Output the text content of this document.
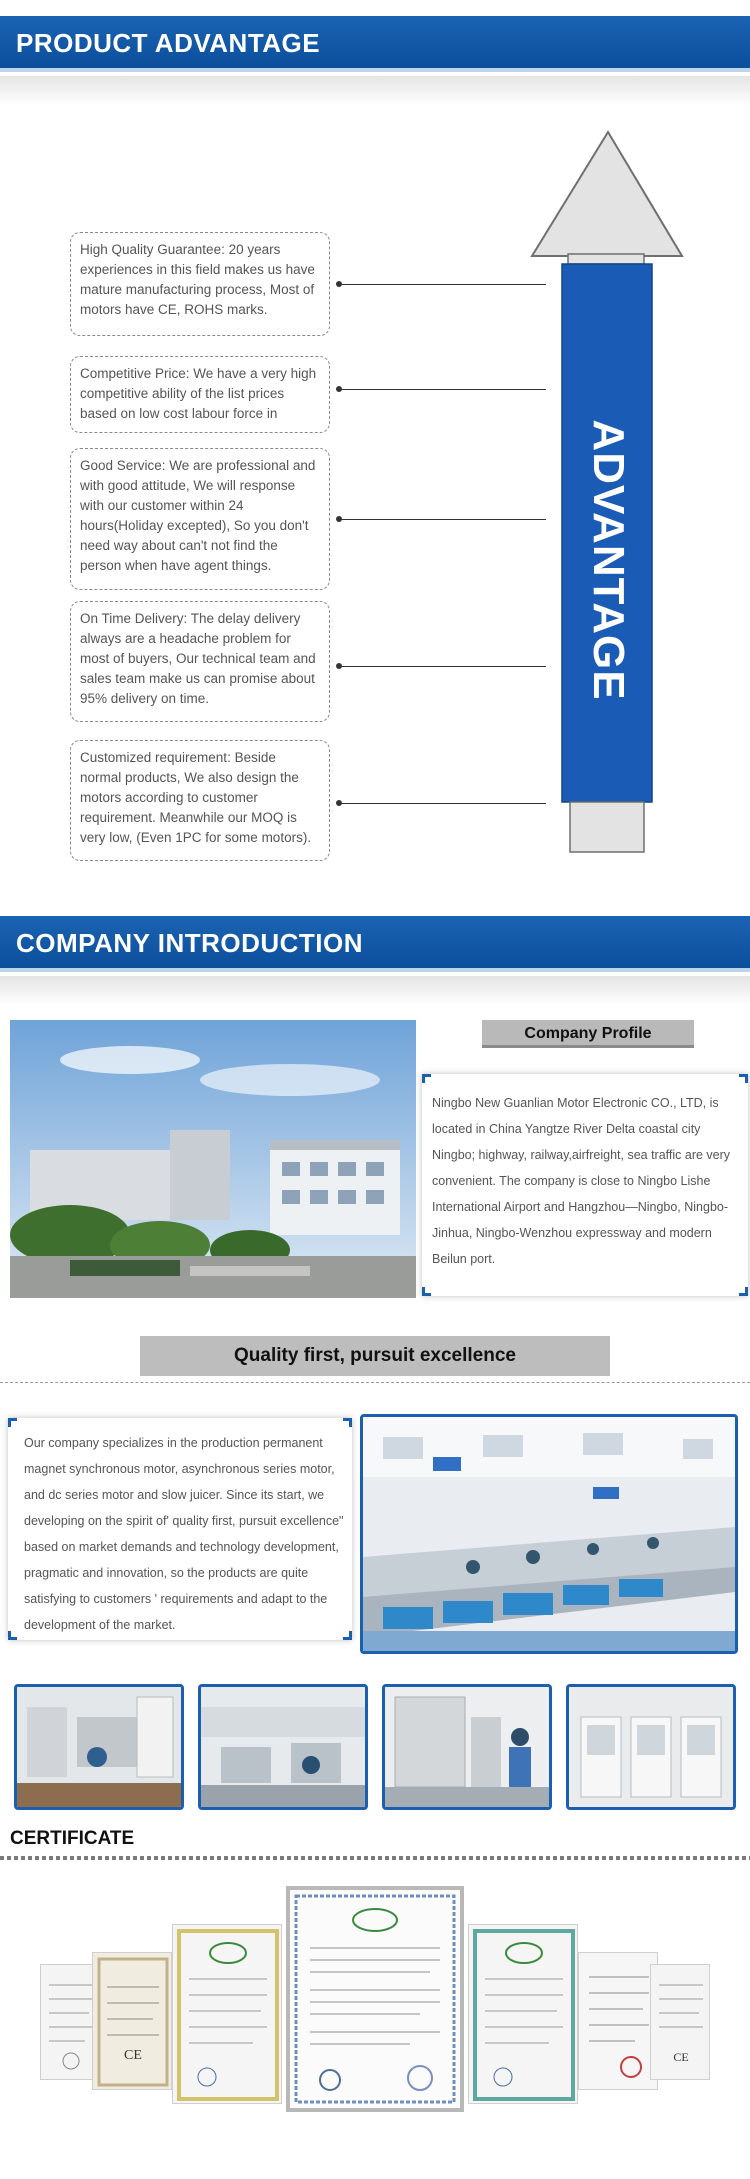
PRODUCT ADVANTAGE
ADVANTAGE
High Quality Guarantee: 20 years experiences in this field makes us have mature manufacturing process, Most of motors have CE, ROHS marks.
Competitive Price: We have a very high competitive ability of the list prices based on low cost labour force in
Good Service: We are professional and with good attitude, We will response with our customer within 24 hours(Holiday excepted), So you don't need way about can't not find the person when have agent things.
On Time Delivery: The delay delivery always are a headache problem for most of buyers, Our technical team and sales team make us can promise about 95% delivery on time.
Customized requirement: Beside normal products, We also design the motors according to customer requirement. Meanwhile our MOQ is very low, (Even 1PC for some motors).
COMPANY INTRODUCTION
Company Profile
Ningbo New Guanlian Motor Electronic CO., LTD, is located in China Yangtze River Delta coastal city Ningbo; highway, railway,airfreight, sea traffic are very convenient. The company is close to Ningbo Lishe International Airport and Hangzhou—Ningbo, Ningbo-Jinhua, Ningbo-Wenzhou expressway and modern Beilun port.
Quality first, pursuit excellence
Our company specializes in the production permanent magnet synchronous motor, asynchronous series motor, and dc series motor and slow juicer. Since its start, we developing on the spirit of' quality first, pursuit excellence" based on market demands and technology development, pragmatic and innovation, so the products are quite satisfying to customers ' requirements and adapt to the development of the market.
CERTIFICATE
CE	CE
